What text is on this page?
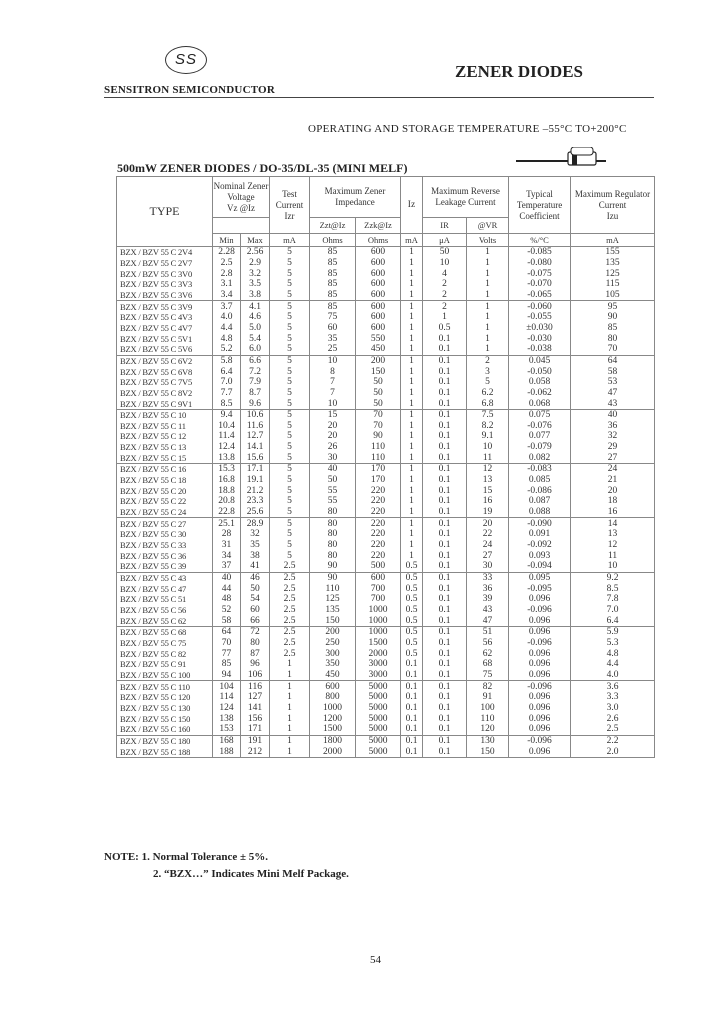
SS
SENSITRON SEMICONDUCTOR
ZENER DIODES
OPERATING AND STORAGE TEMPERATURE –55°C TO+200°C
500mW ZENER DIODES / DO-35/DL-35 (MINI MELF)
TYPE	Nominal Zener Voltage
Vz @Iz		Test Current Izr	Maximum Zener Impedance		Iz	Maximum Reverse Leakage Current		Typical Temperature Coefficient	Maximum Regulator Current
Izu

				Zzt@Iz	Zzk@Iz		IR	@VR		
	Min	Max	mA	Ohms	Ohms	mA	μA	Volts	%/°C	mA
BZX / BZV 55 C 2V4	2.28	2.56	5	85	600	1	50	1	-0.085	155
BZX / BZV 55 C 2V7	2.5	2.9	5	85	600	1	10	1	-0.080	135
BZX / BZV 55 C 3V0	2.8	3.2	5	85	600	1	4	1	-0.075	125
BZX / BZV 55 C 3V3	3.1	3.5	5	85	600	1	2	1	-0.070	115
BZX / BZV 55 C 3V6	3.4	3.8	5	85	600	1	2	1	-0.065	105
BZX / BZV 55 C 3V9	3.7	4.1	5	85	600	1	2	1	-0.060	95
BZX / BZV 55 C 4V3	4.0	4.6	5	75	600	1	1	1	-0.055	90
BZX / BZV 55 C 4V7	4.4	5.0	5	60	600	1	0.5	1	±0.030	85
BZX / BZV 55 C 5V1	4.8	5.4	5	35	550	1	0.1	1	-0.030	80
BZX / BZV 55 C 5V6	5.2	6.0	5	25	450	1	0.1	1	-0.038	70
BZX / BZV 55 C 6V2	5.8	6.6	5	10	200	1	0.1	2	0.045	64
BZX / BZV 55 C 6V8	6.4	7.2	5	8	150	1	0.1	3	-0.050	58
BZX / BZV 55 C 7V5	7.0	7.9	5	7	50	1	0.1	5	0.058	53
BZX / BZV 55 C 8V2	7.7	8.7	5	7	50	1	0.1	6.2	-0.062	47
BZX / BZV 55 C 9V1	8.5	9.6	5	10	50	1	0.1	6.8	0.068	43
BZX / BZV 55 C 10	9.4	10.6	5	15	70	1	0.1	7.5	0.075	40
BZX / BZV 55 C 11	10.4	11.6	5	20	70	1	0.1	8.2	-0.076	36
BZX / BZV 55 C 12	11.4	12.7	5	20	90	1	0.1	9.1	0.077	32
BZX / BZV 55 C 13	12.4	14.1	5	26	110	1	0.1	10	-0.079	29
BZX / BZV 55 C 15	13.8	15.6	5	30	110	1	0.1	11	0.082	27
BZX / BZV 55 C 16	15.3	17.1	5	40	170	1	0.1	12	-0.083	24
BZX / BZV 55 C 18	16.8	19.1	5	50	170	1	0.1	13	0.085	21
BZX / BZV 55 C 20	18.8	21.2	5	55	220	1	0.1	15	-0.086	20
BZX / BZV 55 C 22	20.8	23.3	5	55	220	1	0.1	16	0.087	18
BZX / BZV 55 C 24	22.8	25.6	5	80	220	1	0.1	19	0.088	16
BZX / BZV 55 C 27	25.1	28.9	5	80	220	1	0.1	20	-0.090	14
BZX / BZV 55 C 30	28	32	5	80	220	1	0.1	22	0.091	13
BZX / BZV 55 C 33	31	35	5	80	220	1	0.1	24	-0.092	12
BZX / BZV 55 C 36	34	38	5	80	220	1	0.1	27	0.093	11
BZX / BZV 55 C 39	37	41	2.5	90	500	0.5	0.1	30	-0.094	10
BZX / BZV 55 C 43	40	46	2.5	90	600	0.5	0.1	33	0.095	9.2
BZX / BZV 55 C 47	44	50	2.5	110	700	0.5	0.1	36	-0.095	8.5
BZX / BZV 55 C 51	48	54	2.5	125	700	0.5	0.1	39	0.096	7.8
BZX / BZV 55 C 56	52	60	2.5	135	1000	0.5	0.1	43	-0.096	7.0
BZX / BZV 55 C 62	58	66	2.5	150	1000	0.5	0.1	47	0.096	6.4
BZX / BZV 55 C 68	64	72	2.5	200	1000	0.5	0.1	51	0.096	5.9
BZX / BZV 55 C 75	70	80	2.5	250	1500	0.5	0.1	56	-0.096	5.3
BZX / BZV 55 C 82	77	87	2.5	300	2000	0.5	0.1	62	0.096	4.8
BZX / BZV 55 C 91	85	96	1	350	3000	0.1	0.1	68	0.096	4.4
BZX / BZV 55 C 100	94	106	1	450	3000	0.1	0.1	75	0.096	4.0
BZX / BZV 55 C 110	104	116	1	600	5000	0.1	0.1	82	-0.096	3.6
BZX / BZV 55 C 120	114	127	1	800	5000	0.1	0.1	91	0.096	3.3
BZX / BZV 55 C 130	124	141	1	1000	5000	0.1	0.1	100	0.096	3.0
BZX / BZV 55 C 150	138	156	1	1200	5000	0.1	0.1	110	0.096	2.6
BZX / BZV 55 C 160	153	171	1	1500	5000	0.1	0.1	120	0.096	2.5
BZX / BZV 55 C 180	168	191	1	1800	5000	0.1	0.1	130	-0.096	2.2
BZX / BZV 55 C 188	188	212	1	2000	5000	0.1	0.1	150	0.096	2.0
NOTE: 1. Normal Tolerance ± 5%.
2. “BZX…” Indicates Mini Melf Package.
54
